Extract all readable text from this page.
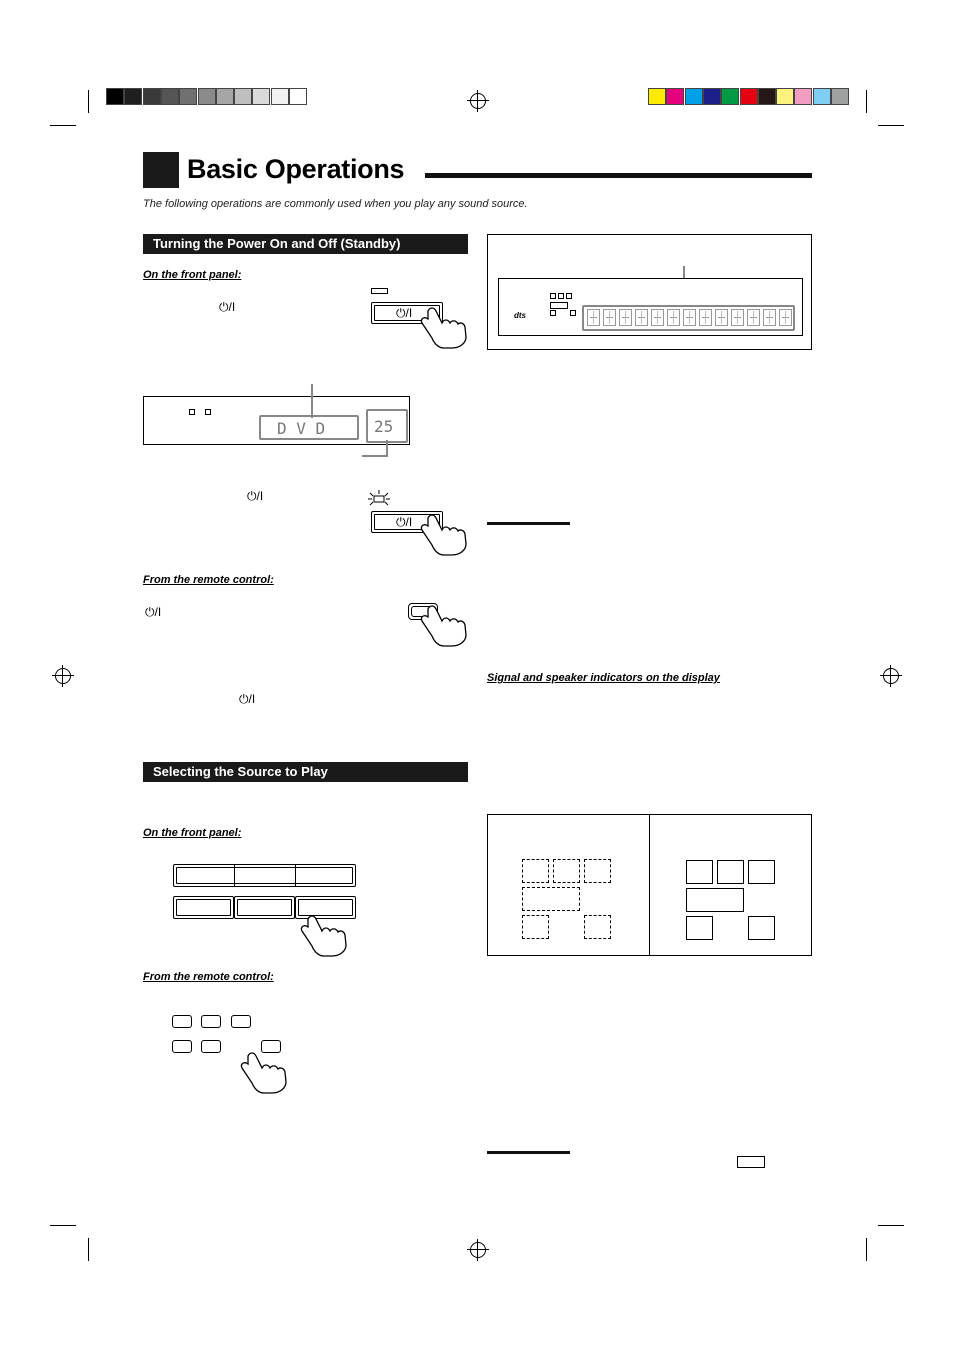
Basic Operations
The following operations are commonly used when you play any sound source.
Turning the Power On and Off (Standby)
On the front panel:
⏻/I	⏻/I
D V D	25
⏻/I
⏻/I
From the remote control:
⏻/I
⏻/I
Selecting the Source to Play
On the front panel:
From the remote control:
dts
Signal and speaker indicators on the display
